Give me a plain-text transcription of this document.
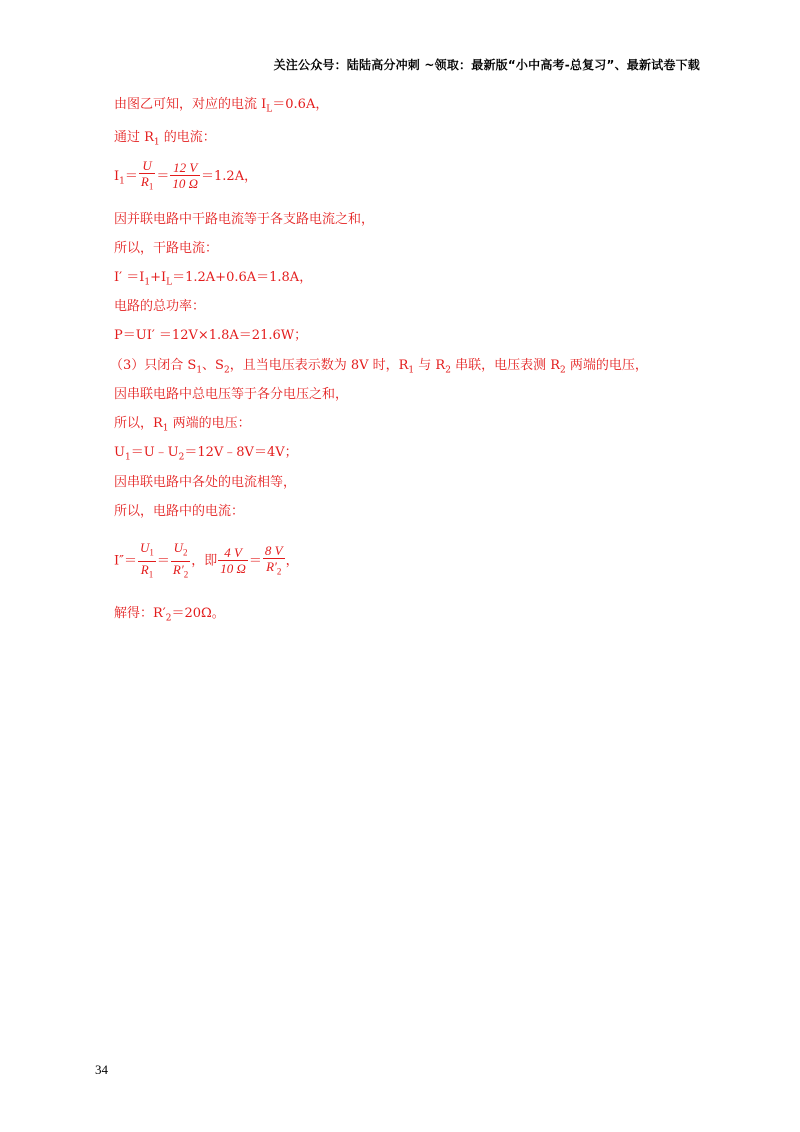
关注公众号：陆陆高分冲刺 ~领取：最新版“小中高考-总复习”、最新试卷下载
由图乙可知，对应的电流 $I_L=0.6A$，
通过 $R_1$ 的电流：
$I_1= \frac{U}{R_1} = \frac{12 V}{10 \Omega} =1.2A$，
因并联电路中干路电流等于各支路电流之和，
所以，干路电流：
$I' =I_1+I_L=1.2A+0.6A=1.8A$，
电路的总功率：
P＝UI′ ＝12V×1.8A＝21.6W；
（3）只闭合 $S_1$、$S_2$，且当电压表示数为 8V 时，$R_1$ 与 $R_2$ 串联，电压表测 $R_2$ 两端的电压，
因串联电路中总电压等于各分电压之和，
所以，$R_1$ 两端的电压：
$U_1=U﹣U_2=12V﹣8V=4V$；
因串联电路中各处的电流相等，
所以，电路中的电流：
$I''= \frac{U_1}{R_1} = \frac{U_2}{R'_2}$ ，即 $\frac{4 V}{10 \Omega} = \frac{8 V}{R'_2}$ ，
解得：$R'_2=20\Omega$。
34
